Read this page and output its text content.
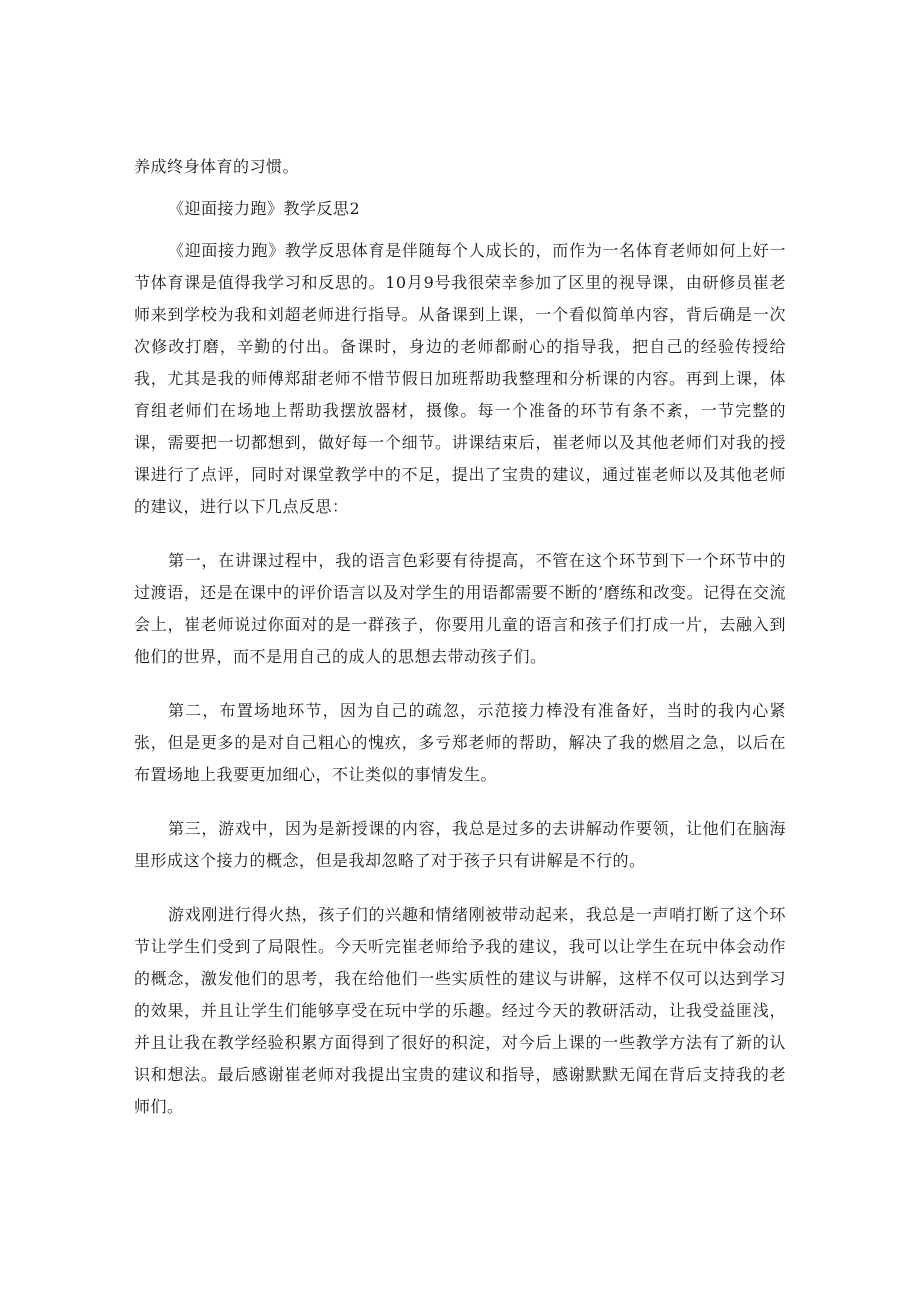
养成终身体育的习惯。

《迎面接力跑》教学反思2

《迎面接力跑》教学反思体育是伴随每个人成长的，而作为一名体育老师如何上好一节体育课是值得我学习和反思的。10月9号我很荣幸参加了区里的视导课，由研修员崔老师来到学校为我和刘超老师进行指导。从备课到上课，一个看似简单内容，背后确是一次次修改打磨，辛勤的付出。备课时，身边的老师都耐心的指导我，把自己的经验传授给我，尤其是我的师傅郑甜老师不惜节假日加班帮助我整理和分析课的内容。再到上课，体育组老师们在场地上帮助我摆放器材，摄像。每一个准备的环节有条不紊，一节完整的课，需要把一切都想到，做好每一个细节。讲课结束后，崔老师以及其他老师们对我的授课进行了点评，同时对课堂教学中的不足，提出了宝贵的建议，通过崔老师以及其他老师的建议，进行以下几点反思：

第一，在讲课过程中，我的语言色彩要有待提高，不管在这个环节到下一个环节中的过渡语，还是在课中的评价语言以及对学生的用语都需要不断的’磨练和改变。记得在交流会上，崔老师说过你面对的是一群孩子，你要用儿童的语言和孩子们打成一片，去融入到他们的世界，而不是用自己的成人的思想去带动孩子们。

第二，布置场地环节，因为自己的疏忽，示范接力棒没有准备好，当时的我内心紧张，但是更多的是对自己粗心的愧疚，多亏郑老师的帮助，解决了我的燃眉之急，以后在布置场地上我要更加细心，不让类似的事情发生。

第三，游戏中，因为是新授课的内容，我总是过多的去讲解动作要领，让他们在脑海里形成这个接力的概念，但是我却忽略了对于孩子只有讲解是不行的。

游戏刚进行得火热，孩子们的兴趣和情绪刚被带动起来，我总是一声哨打断了这个环节让学生们受到了局限性。今天听完崔老师给予我的建议，我可以让学生在玩中体会动作的概念，激发他们的思考，我在给他们一些实质性的建议与讲解，这样不仅可以达到学习的效果，并且让学生们能够享受在玩中学的乐趣。经过今天的教研活动，让我受益匪浅，并且让我在教学经验积累方面得到了很好的积淀，对今后上课的一些教学方法有了新的认识和想法。最后感谢崔老师对我提出宝贵的建议和指导，感谢默默无闻在背后支持我的老师们。
